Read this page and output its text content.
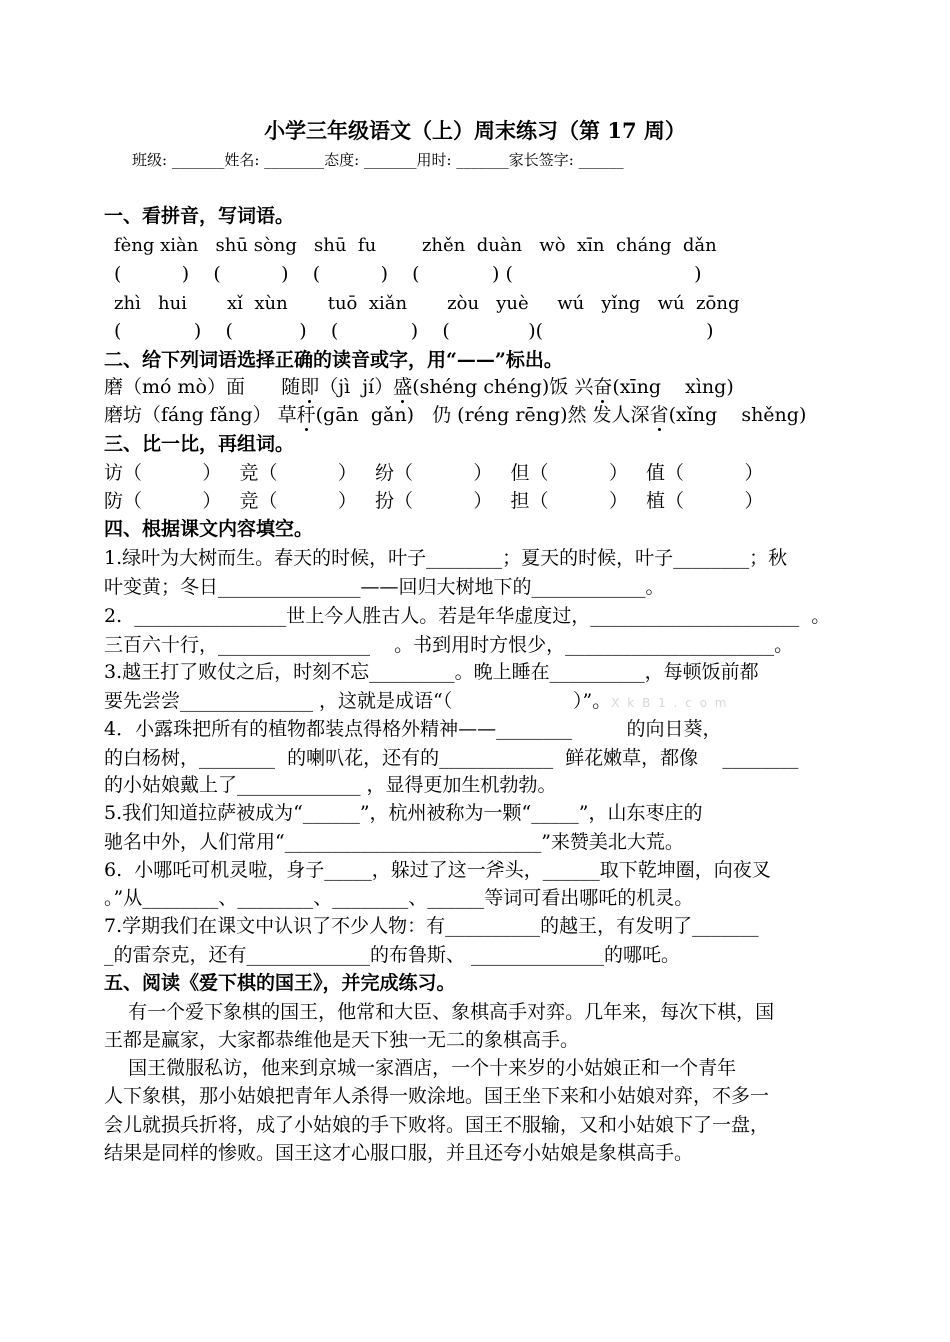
小学三年级语文（上）周末练习（第 17 周）
班级: _______姓名: ________态度: _______用时: _______家长签字: ______
一、看拼音，写词语。
fèng xiàn   shū sòng   shū  fu        zhěn  duàn   wò  xīn  cháng  dǎn
(          )    (          )    (          )    (            ) (                              )
zhì   hui       xǐ  xùn       tuō  xiǎn       zòu   yuè     wú   yǐng   wú  zōng
(            )    (           )    (            )    (             )(                           )
二、给下列词语选择正确的读音或字，用“——”标出。
磨（mó mò）面 随即（jì  jí）盛(shéng chéng)饭 兴奋(xīng    xìng)
磨坊（fáng fǎng） 草秆(gān  gǎn) 仍 (réng rēng)然 发人深省(xǐng    shěng)
三、比一比，再组词。
访（          ）   竞（          ）   纷（          ）   但（          ）   值（          ）
防（          ）   竞（          ）   扮（          ）   担（          ）   植（          ）
四、根据课文内容填空。
1.绿叶为大树而生。春天的时候，叶子________；夏天的时候，叶子________；秋
叶变黄；冬日_______________——回归大树地下的____________。
2.  ________________世上今人胜古人。若是年华虚度过，______________________  。
三百六十行，________________    。书到用时方恨少，______________________。
3.越王打了败仗之后，时刻不忘_________。晚上睡在__________，每顿饭前都
要先尝尝______________ ，这就是成语“（                    ）”。X k B 1 . c o m
4．小露珠把所有的植物都装点得格外精神——________         的向日葵，
的白杨树，________  的喇叭花，还有的____________  鲜花嫩草，都像    ________
的小姑娘戴上了_____________ ，显得更加生机勃勃。
5.我们知道拉萨被成为“______”，杭州被称为一颗“_____”，山东枣庄的
驰名中外，人们常用“___________________________”来赞美北大荒。
6.  小哪吒可机灵啦，身子_____，躲过了这一斧头，______取下乾坤圈，向夜叉
。”从________、________、________、______等词可看出哪吒的机灵。
7.学期我们在课文中认识了不少人物：有__________的越王，有发明了_______
_的雷奈克，还有_____________的布鲁斯、 ______________的哪吒。
五、阅读《爱下棋的国王》，并完成练习。
有一个爱下象棋的国王，他常和大臣、象棋高手对弈。几年来，每次下棋，国
王都是赢家，大家都恭维他是天下独一无二的象棋高手。
国王微服私访，他来到京城一家酒店，一个十来岁的小姑娘正和一个青年
人下象棋，那小姑娘把青年人杀得一败涂地。国王坐下来和小姑娘对弈，不多一
会儿就损兵折将，成了小姑娘的手下败将。国王不服输，又和小姑娘下了一盘，
结果是同样的惨败。国王这才心服口服，并且还夸小姑娘是象棋高手。
